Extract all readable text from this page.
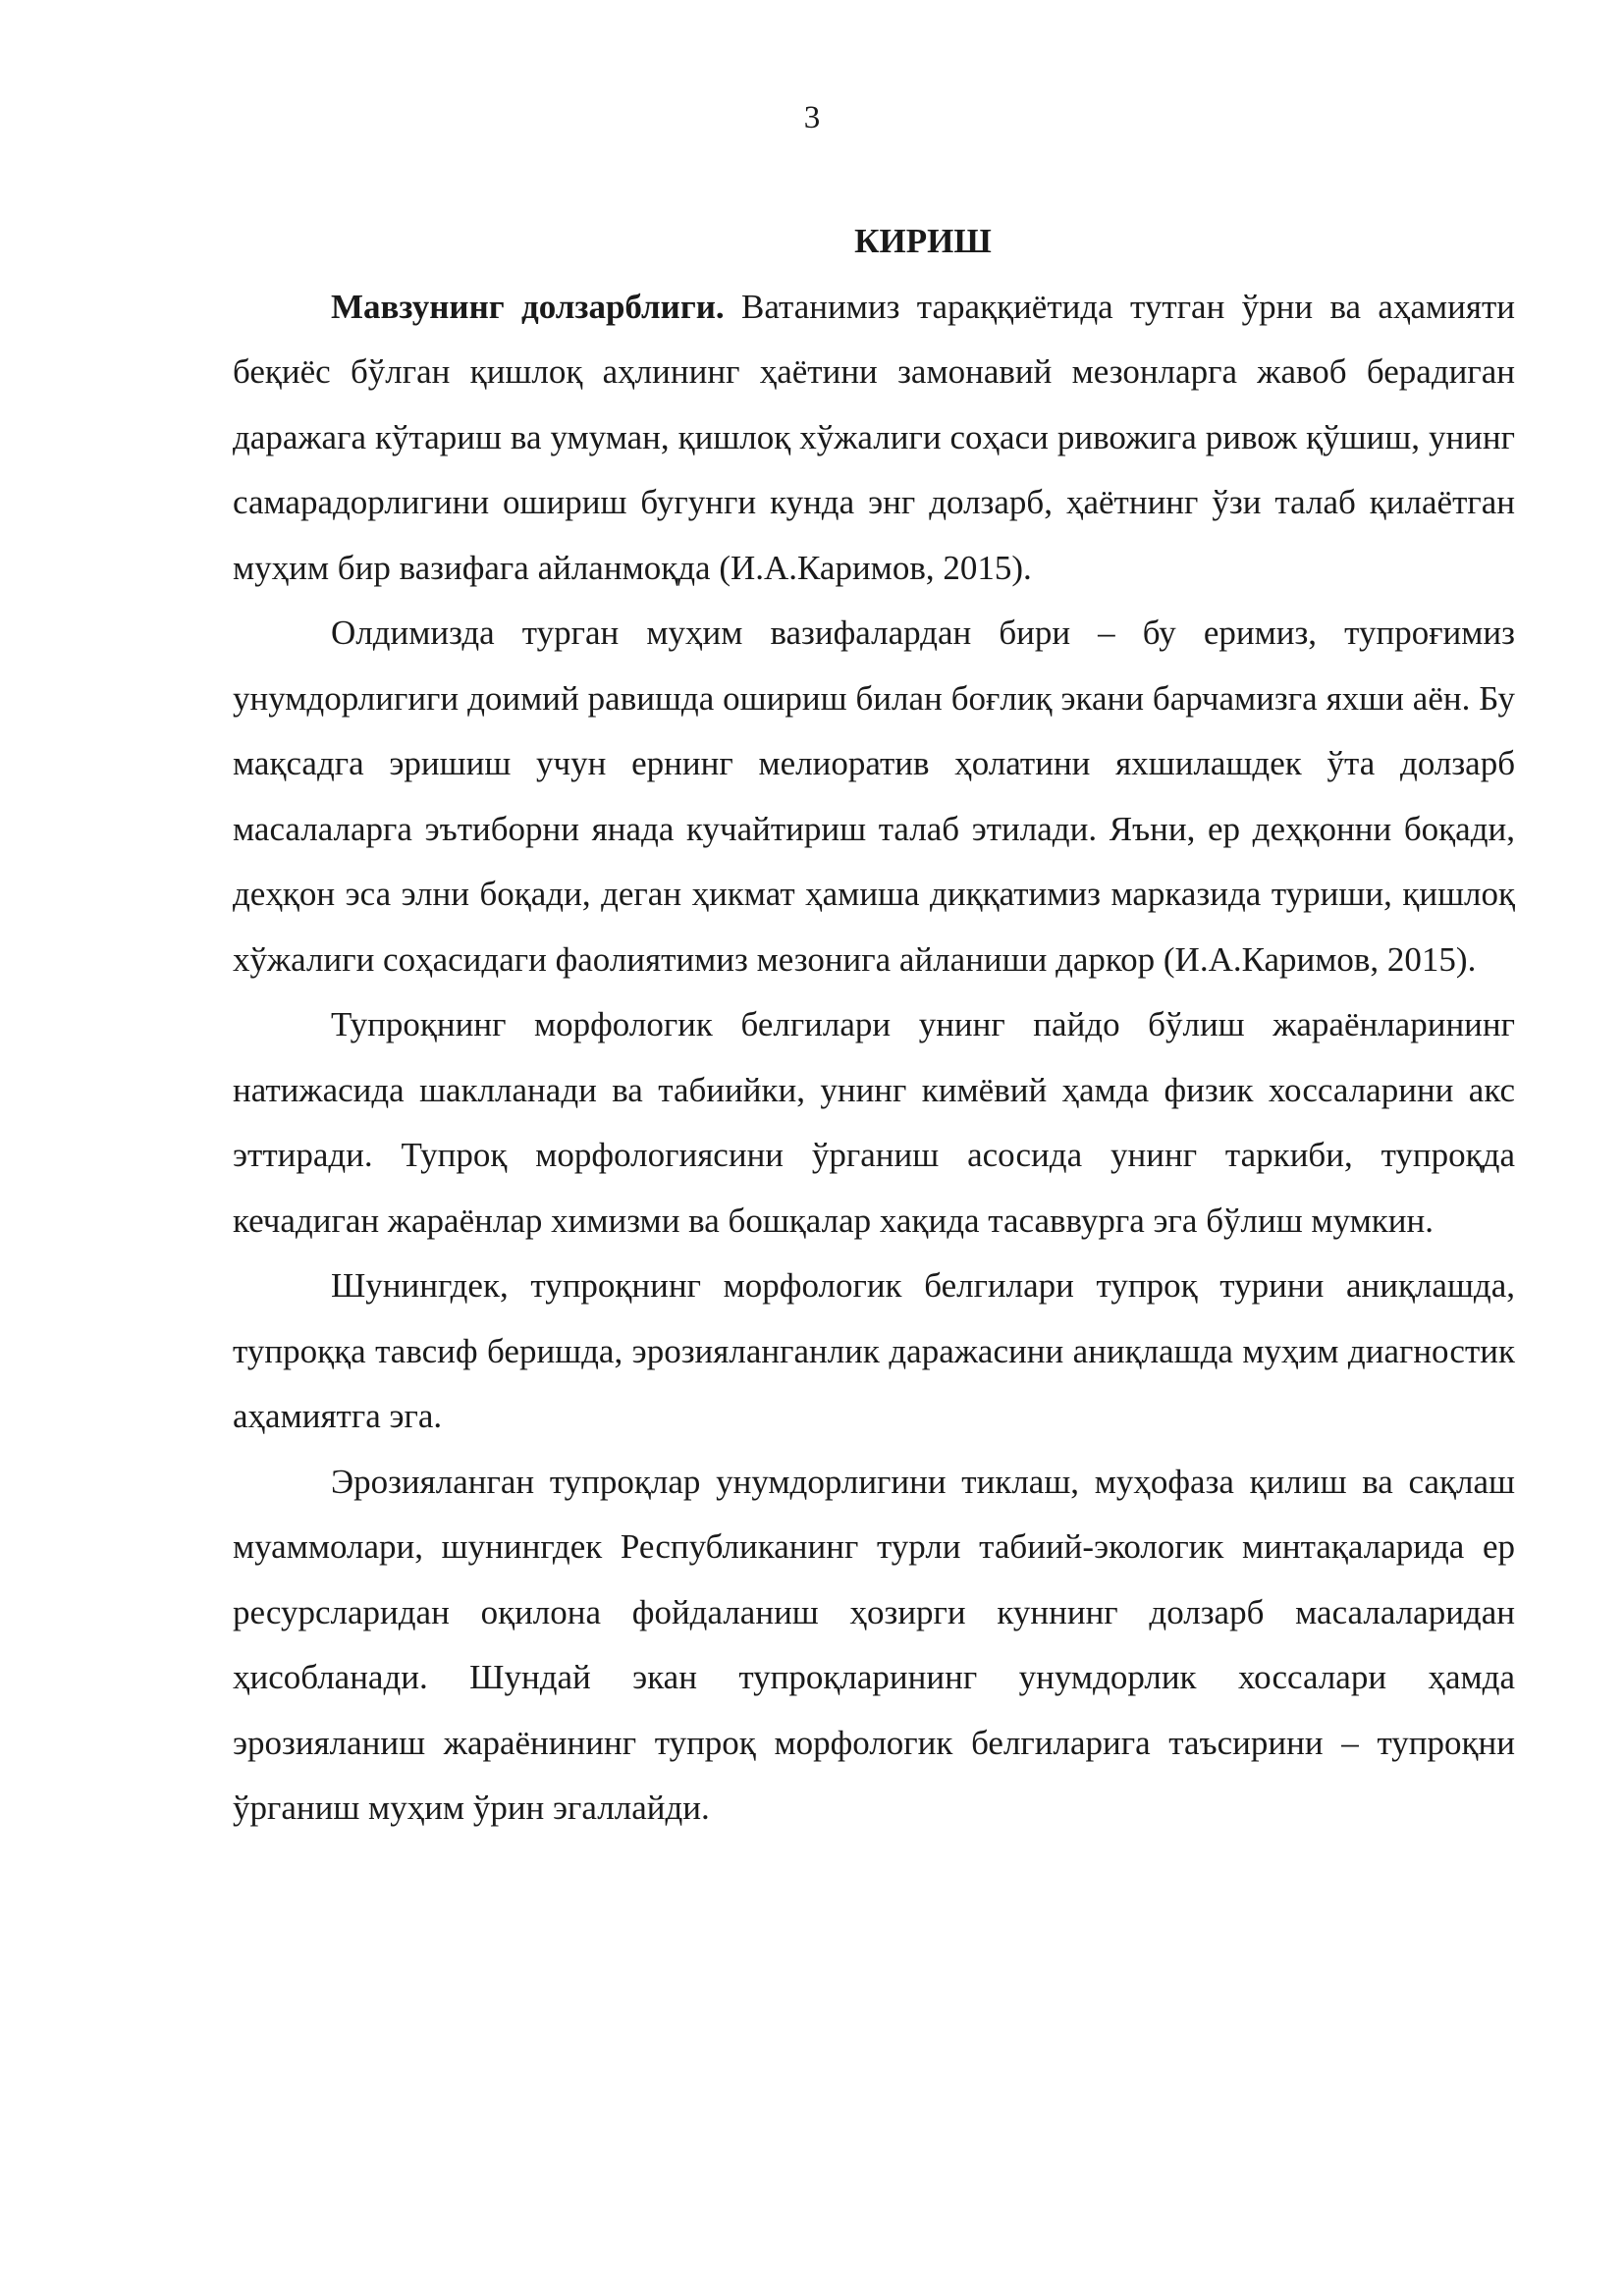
3
КИРИШ

Мавзунинг долзарблиги. Ватанимиз тараққиётида тутган ўрни ва аҳамияти беқиёс бўлган қишлоқ аҳлининг ҳаётини замонавий мезонларга жавоб берадиган даражага кўтариш ва умуман, қишлоқ хўжалиги соҳаси ривожига ривож қўшиш, унинг самарадорлигини ошириш бугунги кунда энг долзарб, ҳаётнинг ўзи талаб қилаётган муҳим бир вазифага айланмоқда (И.А.Каримов, 2015).

Олдимизда турган муҳим вазифалардан бири – бу еримиз, тупроғимиз унумдорлигиги доимий равишда ошириш билан боғлиқ экани барчамизга яхши аён. Бу мақсадга эришиш учун ернинг мелиоратив ҳолатини яхшилашдек ўта долзарб масалаларга эътиборни янада кучайтириш талаб этилади. Яъни, ер деҳқонни боқади, деҳқон эса элни боқади, деган ҳикмат ҳамиша диққатимиз марказида туриши, қишлоқ хўжалиги соҳасидаги фаолиятимиз мезонига айланиши даркор (И.А.Каримов, 2015).

Тупроқнинг морфологик белгилари унинг пайдо бўлиш жараёнларининг натижасида шаклланади ва табиийки, унинг кимёвий ҳамда физик хоссаларини акс эттиради. Тупроқ морфологиясини ўрганиш асосида унинг таркиби, тупроқда кечадиган жараёнлар химизми ва бошқалар хақида тасаввурга эга бўлиш мумкин.

Шунингдек, тупроқнинг морфологик белгилари тупроқ турини аниқлашда, тупроққа тавсиф беришда, эрозияланганлик даражасини аниқлашда муҳим диагностик аҳамиятга эга.

Эрозияланган тупроқлар унумдорлигини тиклаш, муҳофаза қилиш ва сақлаш муаммолари, шунингдек Республиканинг турли табиий-экологик минтақаларида ер ресурсларидан оқилона фойдаланиш ҳозирги куннинг долзарб масалаларидан ҳисобланади. Шундай экан тупроқларининг унумдорлик хоссалари ҳамда эрозияланиш жараёнининг тупроқ морфологик белгиларига таъсирини – тупроқни ўрганиш муҳим ўрин эгаллайди.
